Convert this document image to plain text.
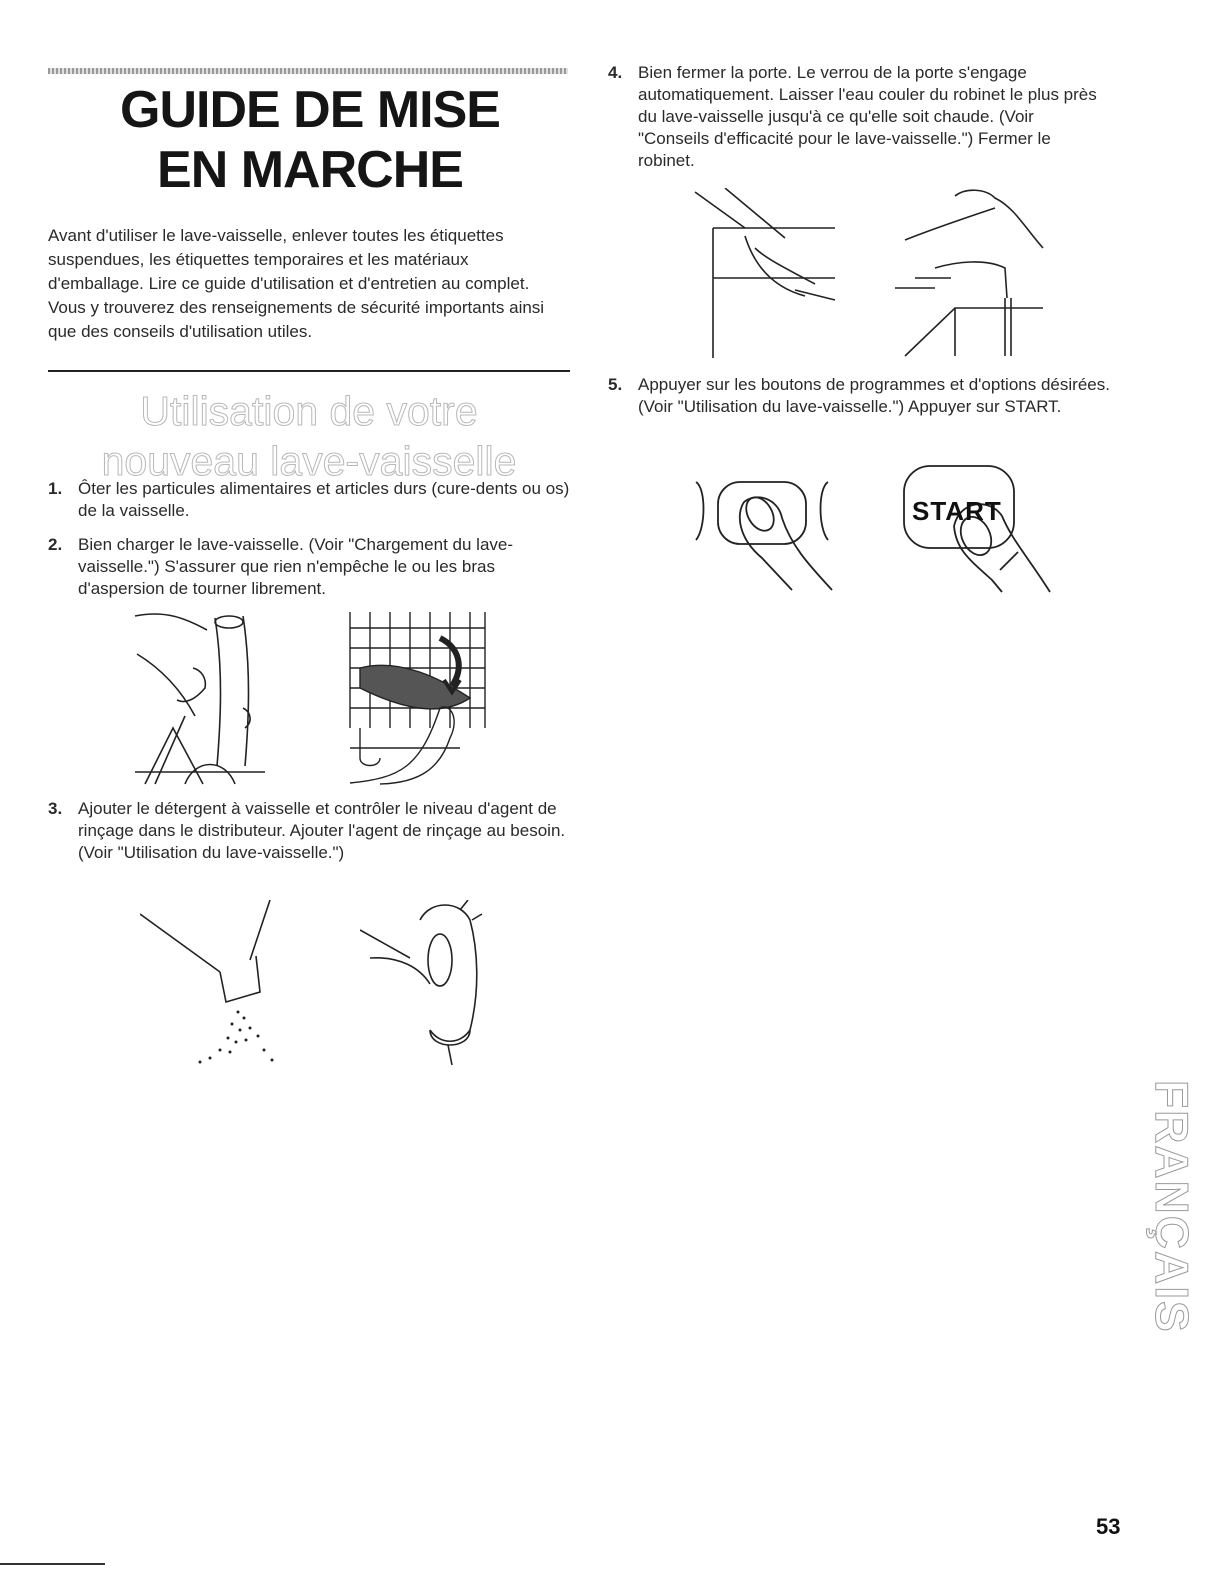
GUIDE DE MISE
EN MARCHE
Avant d'utiliser le lave-vaisselle, enlever toutes les étiquettes suspendues, les étiquettes temporaires et les matériaux d'emballage. Lire ce guide d'utilisation et d'entretien au complet. Vous y trouverez des renseignements de sécurité importants ainsi que des conseils d'utilisation utiles.
Utilisation de votre
nouveau lave-vaisselle
1. Ôter les particules alimentaires et articles durs (cure-dents ou os) de la vaisselle.
2. Bien charger le lave-vaisselle. (Voir "Chargement du lave-vaisselle.") S'assurer que rien n'empêche le ou les bras d'aspersion de tourner librement.
3. Ajouter le détergent à vaisselle et contrôler le niveau d'agent de rinçage dans le distributeur. Ajouter l'agent de rinçage au besoin. (Voir "Utilisation du lave-vaisselle.")
4. Bien fermer la porte. Le verrou de la porte s'engage automatiquement. Laisser l'eau couler du robinet le plus près du lave-vaisselle jusqu'à ce qu'elle soit chaude. (Voir "Conseils d'efficacité pour le lave-vaisselle.") Fermer le robinet.
5. Appuyer sur les boutons de programmes et d'options désirées. (Voir "Utilisation du lave-vaisselle.") Appuyer sur START.
START
FRANÇAIS
53
